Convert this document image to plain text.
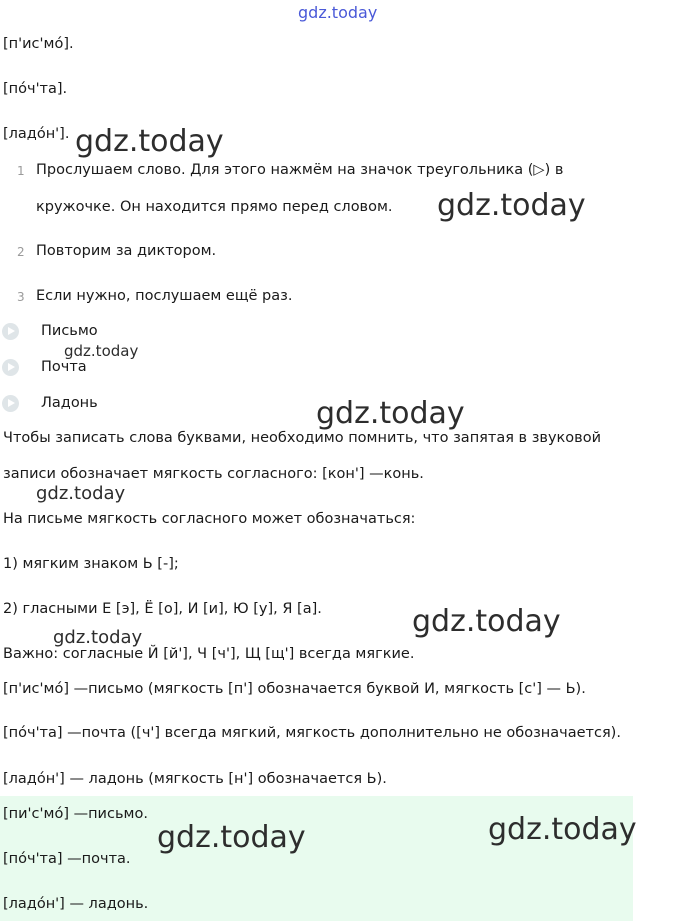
gdz.today
[п'ис'мо́].
[по́ч'та].
[ладо́н']. gdz.today
1 Прослушаем слово. Для этого нажмём на значок треугольника (▷) в
кружочке. Он находится прямо перед словом. gdz.today
2 Повторим за диктором.
3 Если нужно, послушаем ещё раз.
Письмо
gdz.today
Почта
Ладонь	gdz.today
Чтобы записать слова буквами, необходимо помнить, что запятая в звуковой
записи обозначает мягкость согласного: [кон'] —конь.
gdz.today
На письме мягкость согласного может обозначаться:
1) мягким знаком Ь [-];
2) гласными Е [э], Ё [о], И [и], Ю [у], Я [а].	gdz.today
gdz.today
Важно: согласные Й [й'], Ч [ч'], Щ [щ'] всегда мягкие.
[п'ис'мо́] —письмо (мягкость [п'] обозначается буквой И, мягкость [с'] — Ь).
[по́ч'та] —почта ([ч'] всегда мягкий, мягкость дополнительно не обозначается).
[ладо́н'] — ладонь (мягкость [н'] обозначается Ь).
[пи'с'мо́] —письмо.
[по́ч'та] —почта.
[ладо́н'] — ладонь.
gdz.today	gdz.today
